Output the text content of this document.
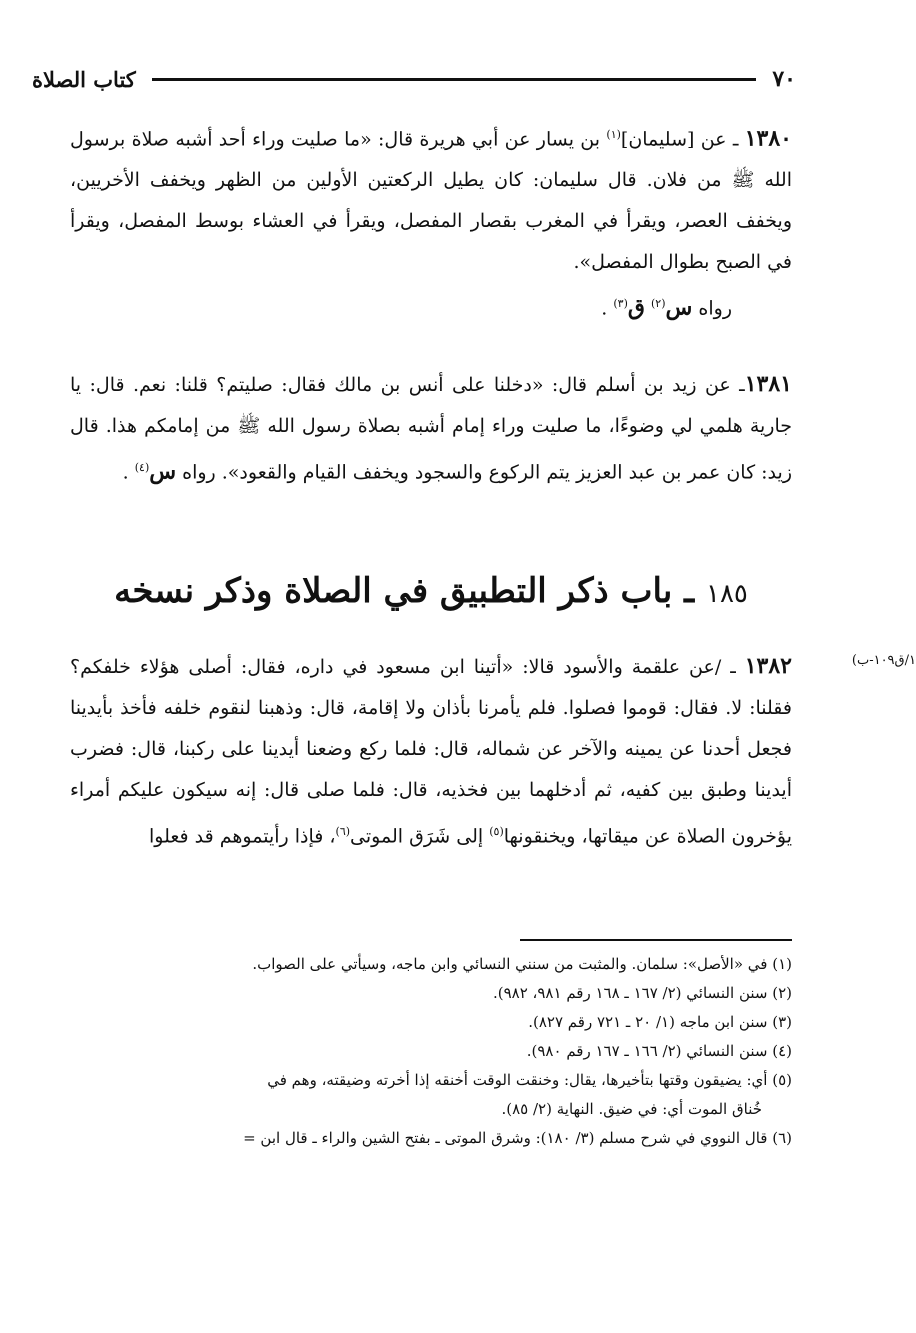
٧٠
كتاب الصلاة

١٣٨٠ ـ عن [سليمان]$^{(١)}$ بن يسار عن أبي هريرة قال: «ما صليت وراء أحد أشبه صلاة برسول الله ﷺ من فلان. قال سليمان: كان يطيل الركعتين الأولين من الظهر ويخفف الأخريين، ويخفف العصر، ويقرأ في المغرب بقصار المفصل، ويقرأ في العشاء بوسط المفصل، ويقرأ في الصبح بطوال المفصل».

رواه س$^{(٢)}$ ق$^{(٣)}$ .

١٣٨١ـ عن زيد بن أسلم قال: «دخلنا على أنس بن مالك فقال: صليتم؟ قلنا: نعم. قال: يا جارية هلمي لي وضوءًا، ما صليت وراء إمام أشبه بصلاة رسول الله ﷺ من إمامكم هذا. قال زيد: كان عمر بن عبد العزيز يتم الركوع والسجود ويخفف القيام والقعود». رواه س$^{(٤)}$ .

١٨٥ ـ باب ذكر التطبيق في الصلاة وذكر نسخه
١/ق١٠٩-ب)

١٣٨٢ ـ /عن علقمة والأسود قالا: «أتينا ابن مسعود في داره، فقال: أصلى هؤلاء خلفكم؟ فقلنا: لا. فقال: قوموا فصلوا. فلم يأمرنا بأذان ولا إقامة، قال: وذهبنا لنقوم خلفه فأخذ بأيدينا فجعل أحدنا عن يمينه والآخر عن شماله، قال: فلما ركع وضعنا أيدينا على ركبنا، قال: فضرب أيدينا وطبق بين كفيه، ثم أدخلهما بين فخذيه، قال: فلما صلى قال: إنه سيكون عليكم أمراء يؤخرون الصلاة عن ميقاتها، ويخنقونها$^{(٥)}$ إلى شَرَق الموتى$^{(٦)}$، فإذا رأيتموهم قد فعلوا

(١) في «الأصل»: سلمان. والمثبت من سنني النسائي وابن ماجه، وسيأتي على الصواب.

(٢) سنن النسائي (٢/ ١٦٧ ـ ١٦٨ رقم ٩٨١، ٩٨٢).

(٣) سنن ابن ماجه (١/ ٢٠ ـ ٧٢١ رقم ٨٢٧).

(٤) سنن النسائي (٢/ ١٦٦ ـ ١٦٧ رقم ٩٨٠).

(٥) أي: يضيقون وقتها بتأخيرها، يقال: وخنقت الوقت أخنقه إذا أخرته وضيقته، وهم في

خُناق الموت أي: في ضيق. النهاية (٢/ ٨٥).

(٦) قال النووي في شرح مسلم (٣/ ١٨٠): وشرق الموتى ـ بفتح الشين والراء ـ قال ابن =
